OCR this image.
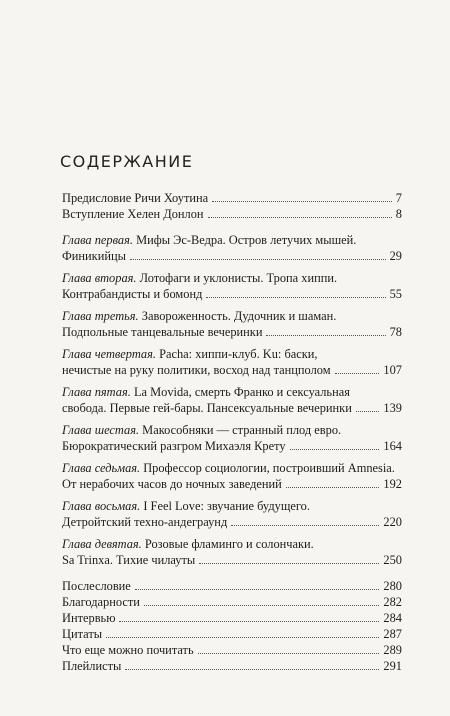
СОДЕРЖАНИЕ
Предисловие Ричи Хоутина	7
Вступление Хелен Донлон	8
Глава первая. Мифы Эс-Ведра. Остров летучих мышей.
Финикийцы	29
Глава вторая. Лотофаги и уклонисты. Тропа хиппи.
Контрабандисты и бомонд	55
Глава третья. Завороженность. Дудочник и шаман.
Подпольные танцевальные вечеринки	78
Глава четвертая. Pacha: хиппи-клуб. Ku: баски,
нечистые на руку политики, восход над танцполом	107
Глава пятая. La Movida, смерть Франко и сексуальная
свобода. Первые гей-бары. Пансексуальные вечеринки	139
Глава шестая. Макособняки — странный плод евро.
Бюрократический разгром Михаэля Крету	164
Глава седьмая. Профессор социологии, построивший Amnesia.
От нерабочих часов до ночных заведений	192
Глава восьмая. I Feel Love: звучание будущего.
Детройтский техно-андеграунд	220
Глава девятая. Розовые фламинго и солончаки.
Sa Trinxa. Тихие чилауты	250
Послесловие	280
Благодарности	282
Интервью	284
Цитаты	287
Что еще можно почитать	289
Плейлисты	291
